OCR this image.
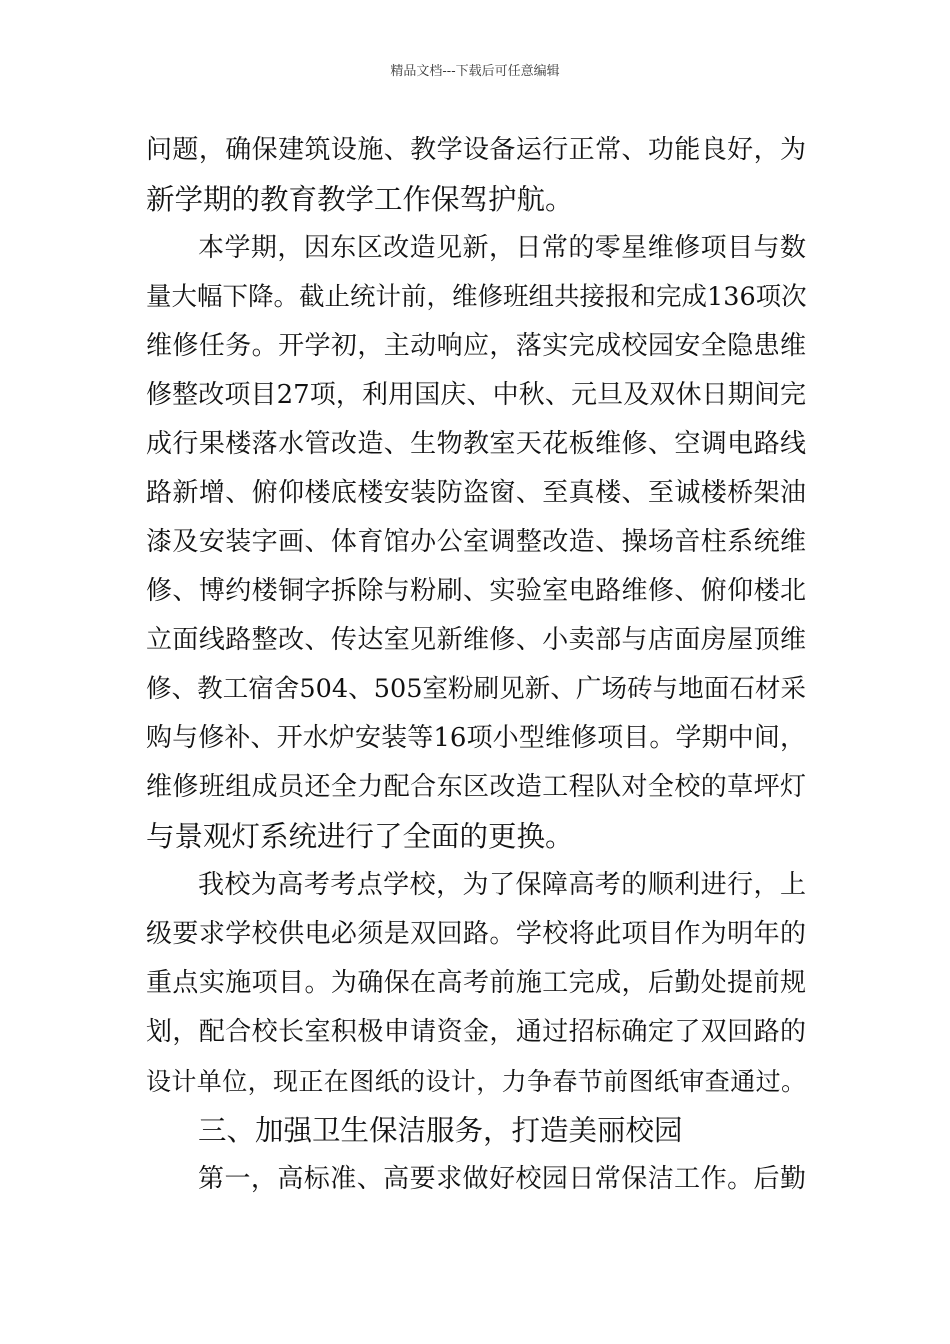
精品文档---下载后可任意编辑
问题，确保建筑设施、教学设备运行正常、功能良好，为
新学期的教育教学工作保驾护航。
本学期，因东区改造见新，日常的零星维修项目与数
量大幅下降。截止统计前，维修班组共接报和完成136项次
维修任务。开学初，主动响应，落实完成校园安全隐患维
修整改项目27项，利用国庆、中秋、元旦及双休日期间完
成行果楼落水管改造、生物教室天花板维修、空调电路线
路新增、俯仰楼底楼安装防盗窗、至真楼、至诚楼桥架油
漆及安装字画、体育馆办公室调整改造、操场音柱系统维
修、博约楼铜字拆除与粉刷、实验室电路维修、俯仰楼北
立面线路整改、传达室见新维修、小卖部与店面房屋顶维
修、教工宿舍504、505室粉刷见新、广场砖与地面石材采
购与修补、开水炉安装等16项小型维修项目。学期中间，
维修班组成员还全力配合东区改造工程队对全校的草坪灯
与景观灯系统进行了全面的更换。
我校为高考考点学校，为了保障高考的顺利进行，上
级要求学校供电必须是双回路。学校将此项目作为明年的
重点实施项目。为确保在高考前施工完成，后勤处提前规
划，配合校长室积极申请资金，通过招标确定了双回路的
设计单位，现正在图纸的设计，力争春节前图纸审查通过。
三、加强卫生保洁服务，打造美丽校园
第一，高标准、高要求做好校园日常保洁工作。后勤
